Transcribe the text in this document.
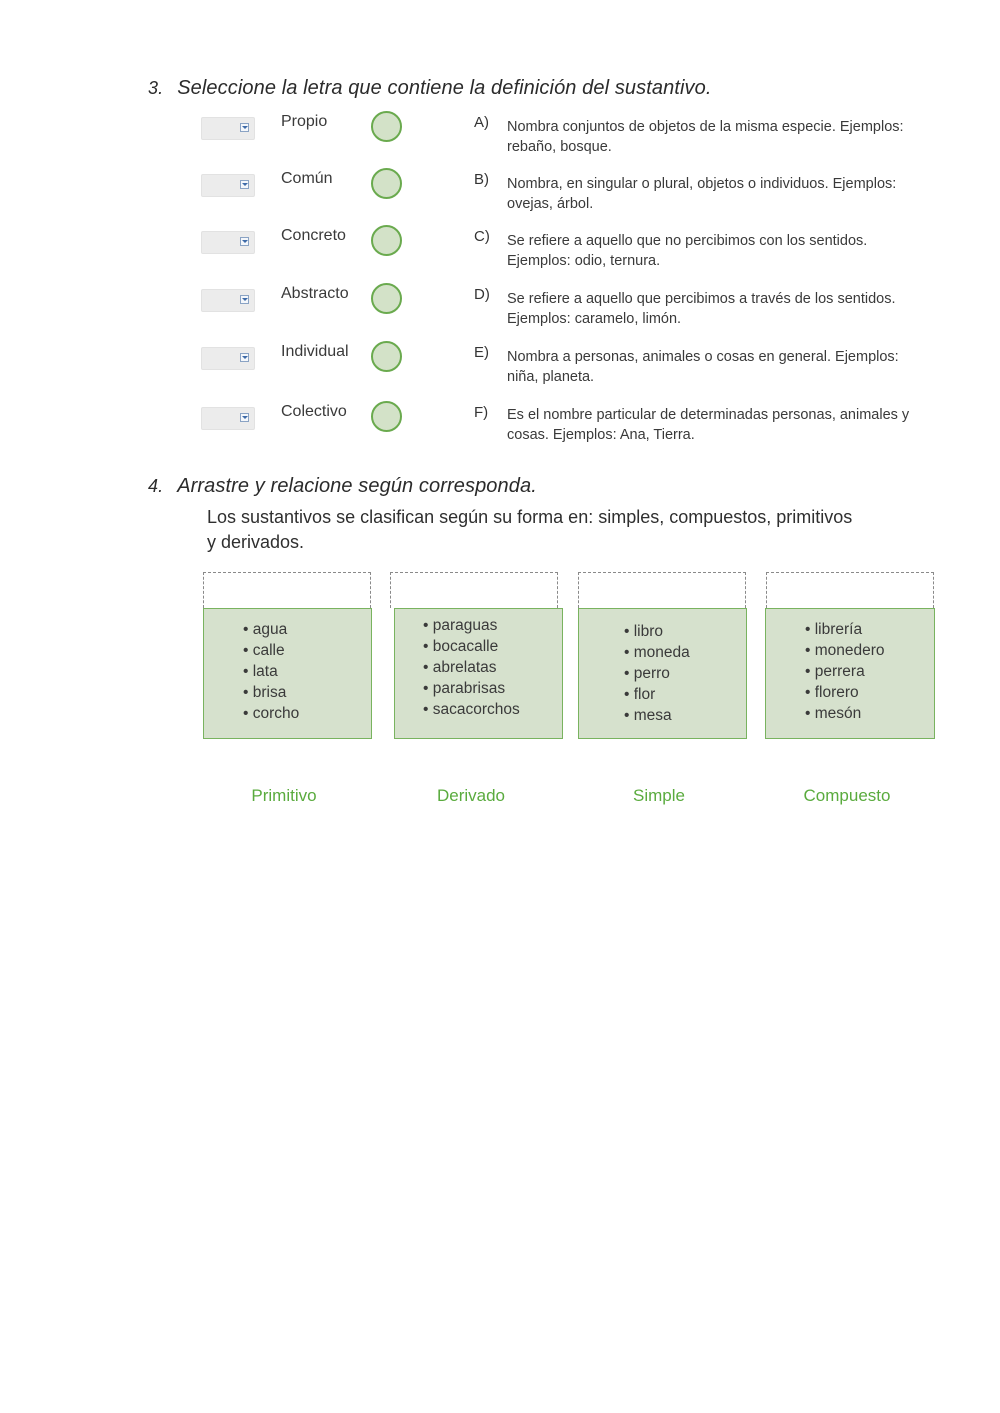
3. Seleccione la letra que contiene la definición del sustantivo.
Propio	A) Nombra conjuntos de objetos de la misma especie. Ejemplos:
rebaño, bosque.
Común	B) Nombra, en singular o plural, objetos o individuos. Ejemplos:
ovejas, árbol.
Concreto	C) Se refiere a aquello que no percibimos con los sentidos.
Ejemplos: odio, ternura.
Abstracto	D) Se refiere a aquello que percibimos a través de los sentidos.
Ejemplos: caramelo, limón.
Individual	E) Nombra a personas, animales o cosas en general. Ejemplos:
niña, planeta.
Colectivo	F) Es el nombre particular de determinadas personas, animales y
cosas. Ejemplos: Ana, Tierra.
4. Arrastre y relacione según corresponda.
Los sustantivos se clasifican según su forma en: simples, compuestos, primitivos
y derivados.
• agua
• calle
• lata
• brisa
• corcho
• paraguas
• bocacalle
• abrelatas
• parabrisas
• sacacorchos
• libro
• moneda
• perro
• flor
• mesa
• librería
• monedero
• perrera
• florero
• mesón
Primitivo	Derivado	Simple	Compuesto
